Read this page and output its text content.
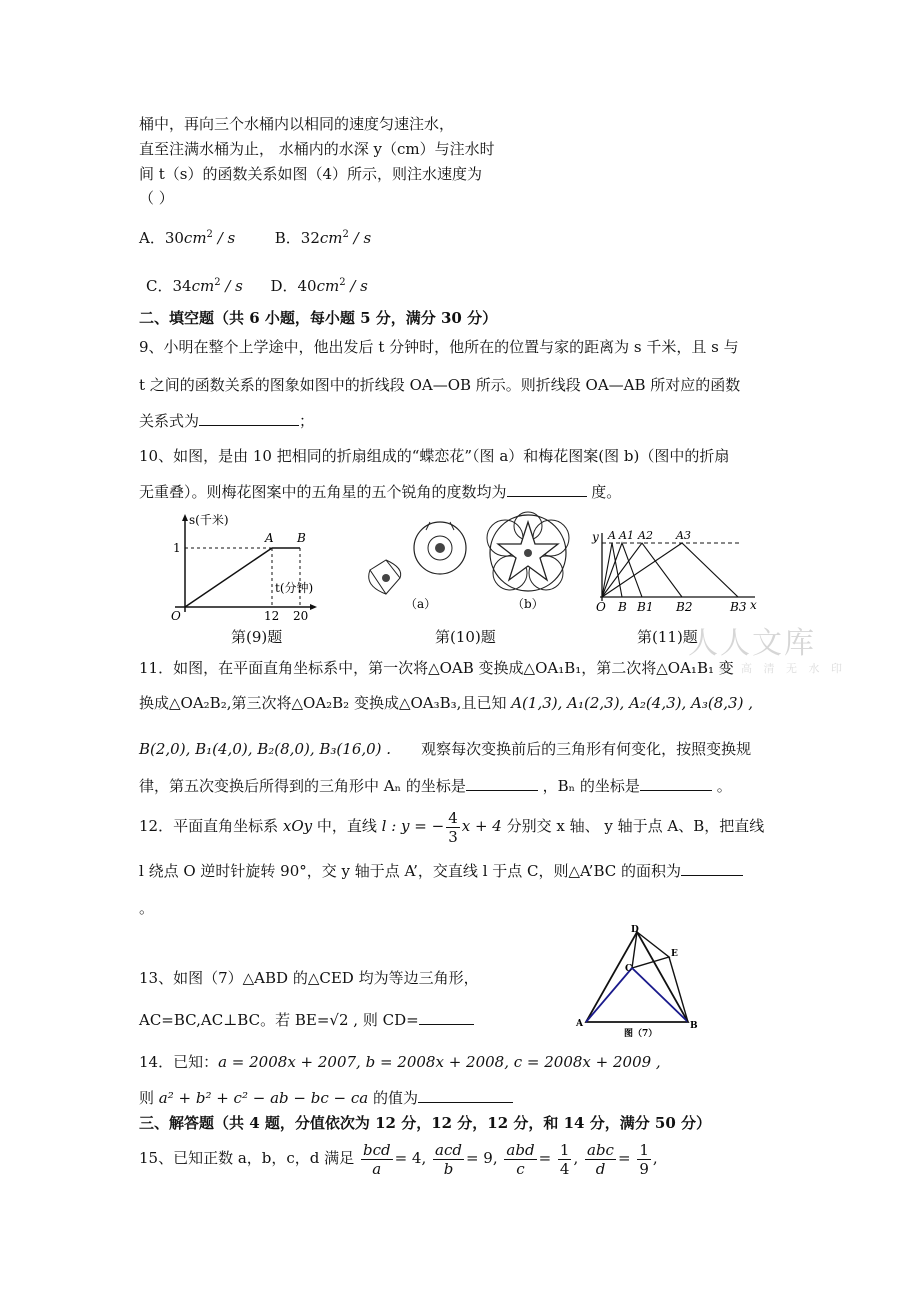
桶中，再向三个水桶内以相同的速度匀速注水，
直至注满水桶为止， 水桶内的水深 y（cm）与注水时
间 t（s）的函数关系如图（4）所示，则注水速度为
（ ）
A．$30cm^2$ / s	B．$32cm^2$ / s
C．$34cm^2$ / s D．$40cm^2$ / s
二、填空题（共 6 小题，每小题 5 分，满分 30 分）
9、小明在整个上学途中，他出发后 t 分钟时，他所在的位置与家的距离为 s 千米，且 s 与
t 之间的函数关系的图象如图中的折线段 OA—OB 所示。则折线段 OA—AB 所对应的函数
关系式为	；
10、如图，是由 10 把相同的折扇组成的“蝶恋花”（图 a）和梅花图案(图 b)（图中的折扇
无重叠）。则梅花图案中的五角星的五个锐角的度数均为	度。
s(千米)
1
A B
t(分钟)
O	12 20
第(9)题
（a）	（b）
第(10)题
y A A1 A2 A3
O B B1 B2	B3 x
第(11)题
人人文库
下 载 高 清 无 水 印
11．如图，在平面直角坐标系中，第一次将△OAB 变换成△OA₁B₁，第二次将△OA₁B₁ 变
换成△OA₂B₂,第三次将△OA₂B₂ 变换成△OA₃B₃,且已知 A(1,3), A₁(2,3), A₂(4,3), A₃(8,3) ,
B(2,0), B₁(4,0), B₂(8,0), B₃(16,0) . 观察每次变换前后的三角形有何变化，按照变换规
律，第五次变换后所得到的三角形中 Aₙ 的坐标是	，Bₙ 的坐标是	。
12．平面直角坐标系 xOy 中，直线 l : y = − $\frac{4}{3}$ x + 4 分别交 x 轴、 y 轴于点 A、B，把直线
l 绕点 O 逆时针旋转 90°，交 y 轴于点 A’，交直线 l 于点 C，则△A’BC 的面积为
。
13、如图（7）△ABD 的△CED 均为等边三角形，
AC=BC,AC⊥BC。若 BE=√2 , 则 CD=
D
E
C
A	B
图（7）
14．已知：a = 2008x + 2007, b = 2008x + 2008, c = 2008x + 2009 ,
则 a² + b² + c² − ab − bc − ca 的值为
三、解答题（共 4 题，分值依次为 12 分，12 分，12 分，和 14 分，满分 50 分）
15、已知正数 a，b，c，d 满足 $\frac{\text{bcd}}{a} = 4$, $\frac{\text{acd}}{b} = 9$, $\frac{\text{abd}}{c} = \frac{1}{4}$ , $\frac{\text{abc}}{d} = \frac{1}{9}$ ,
